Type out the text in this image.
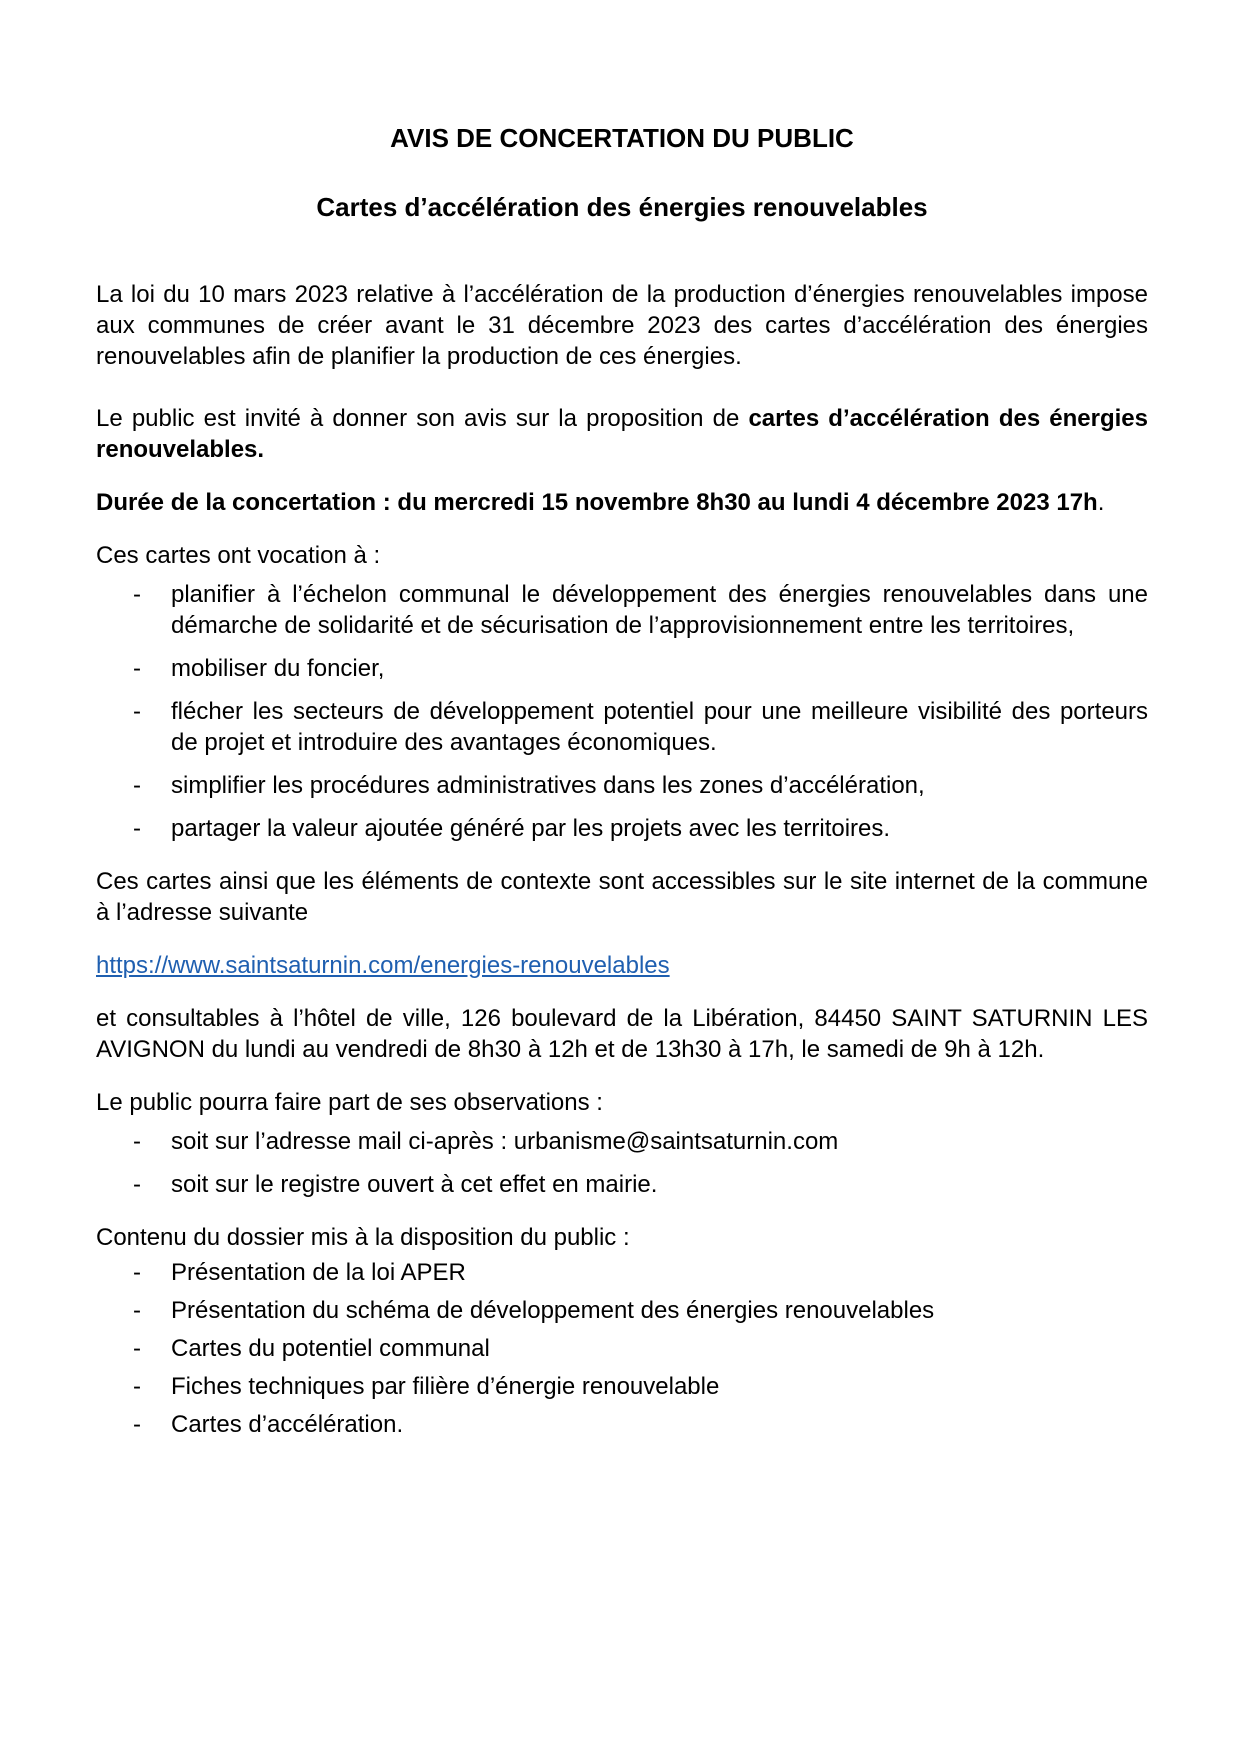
AVIS DE CONCERTATION DU PUBLIC
Cartes d’accélération des énergies renouvelables

La loi du 10 mars 2023 relative à l’accélération de la production d’énergies renouvelables impose aux communes de créer avant le 31 décembre 2023 des cartes d’accélération des énergies renouvelables afin de planifier la production de ces énergies.

Le public est invité à donner son avis sur la proposition de cartes d’accélération des énergies renouvelables.

Durée de la concertation : du mercredi 15 novembre 8h30 au lundi 4 décembre 2023 17h.

Ces cartes ont vocation à :

- planifier à l’échelon communal le développement des énergies renouvelables dans une démarche de solidarité et de sécurisation de l’approvisionnement entre les territoires,
- mobiliser du foncier,
- flécher les secteurs de développement potentiel pour une meilleure visibilité des porteurs de projet et introduire des avantages économiques.
- simplifier les procédures administratives dans les zones d’accélération,
- partager la valeur ajoutée généré par les projets avec les territoires.

Ces cartes ainsi que les éléments de contexte sont accessibles sur le site internet de la commune à l’adresse suivante

https://www.saintsaturnin.com/energies-renouvelables

et consultables à l’hôtel de ville, 126 boulevard de la Libération, 84450 SAINT SATURNIN LES AVIGNON du lundi au vendredi de 8h30 à 12h et de 13h30 à 17h, le samedi de 9h à 12h.

Le public pourra faire part de ses observations :

- soit sur l’adresse mail ci-après : urbanisme@saintsaturnin.com
- soit sur le registre ouvert à cet effet en mairie.

Contenu du dossier mis à la disposition du public :

- Présentation de la loi APER
- Présentation du schéma de développement des énergies renouvelables
- Cartes du potentiel communal
- Fiches techniques par filière d’énergie renouvelable
- Cartes d’accélération.
